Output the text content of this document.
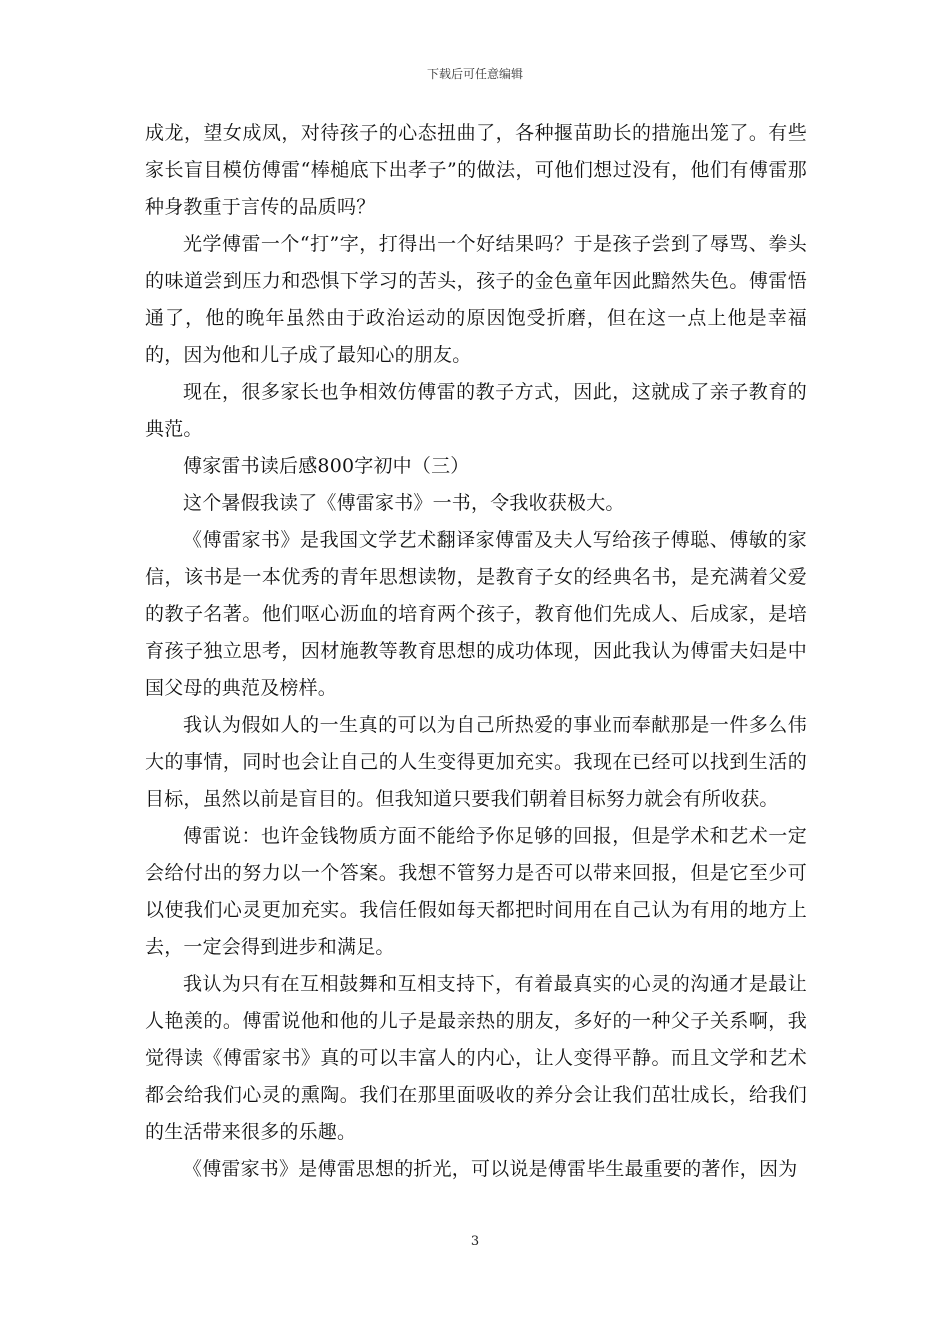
下载后可任意编辑

成龙，望女成凤，对待孩子的心态扭曲了，各种揠苗助长的措施出笼了。有些家长盲目模仿傅雷“棒槌底下出孝子”的做法，可他们想过没有，他们有傅雷那种身教重于言传的品质吗？

光学傅雷一个“打”字，打得出一个好结果吗？于是孩子尝到了辱骂、拳头的味道尝到压力和恐惧下学习的苦头，孩子的金色童年因此黯然失色。傅雷悟通了，他的晚年虽然由于政治运动的原因饱受折磨，但在这一点上他是幸福的，因为他和儿子成了最知心的朋友。

现在，很多家长也争相效仿傅雷的教子方式，因此，这就成了亲子教育的典范。

傅家雷书读后感800字初中（三）

这个暑假我读了《傅雷家书》一书，令我收获极大。

《傅雷家书》是我国文学艺术翻译家傅雷及夫人写给孩子傅聪、傅敏的家信，该书是一本优秀的青年思想读物，是教育子女的经典名书，是充满着父爱的教子名著。他们呕心沥血的培育两个孩子，教育他们先成人、后成家，是培育孩子独立思考，因材施教等教育思想的成功体现，因此我认为傅雷夫妇是中国父母的典范及榜样。

我认为假如人的一生真的可以为自己所热爱的事业而奉献那是一件多么伟大的事情，同时也会让自己的人生变得更加充实。我现在已经可以找到生活的目标，虽然以前是盲目的。但我知道只要我们朝着目标努力就会有所收获。

傅雷说：也许金钱物质方面不能给予你足够的回报，但是学术和艺术一定会给付出的努力以一个答案。我想不管努力是否可以带来回报，但是它至少可以使我们心灵更加充实。我信任假如每天都把时间用在自己认为有用的地方上去，一定会得到进步和满足。

我认为只有在互相鼓舞和互相支持下，有着最真实的心灵的沟通才是最让人艳羡的。傅雷说他和他的儿子是最亲热的朋友，多好的一种父子关系啊，我觉得读《傅雷家书》真的可以丰富人的内心，让人变得平静。而且文学和艺术都会给我们心灵的熏陶。我们在那里面吸收的养分会让我们茁壮成长，给我们的生活带来很多的乐趣。

《傅雷家书》是傅雷思想的折光，可以说是傅雷毕生最重要的著作，因为

3
